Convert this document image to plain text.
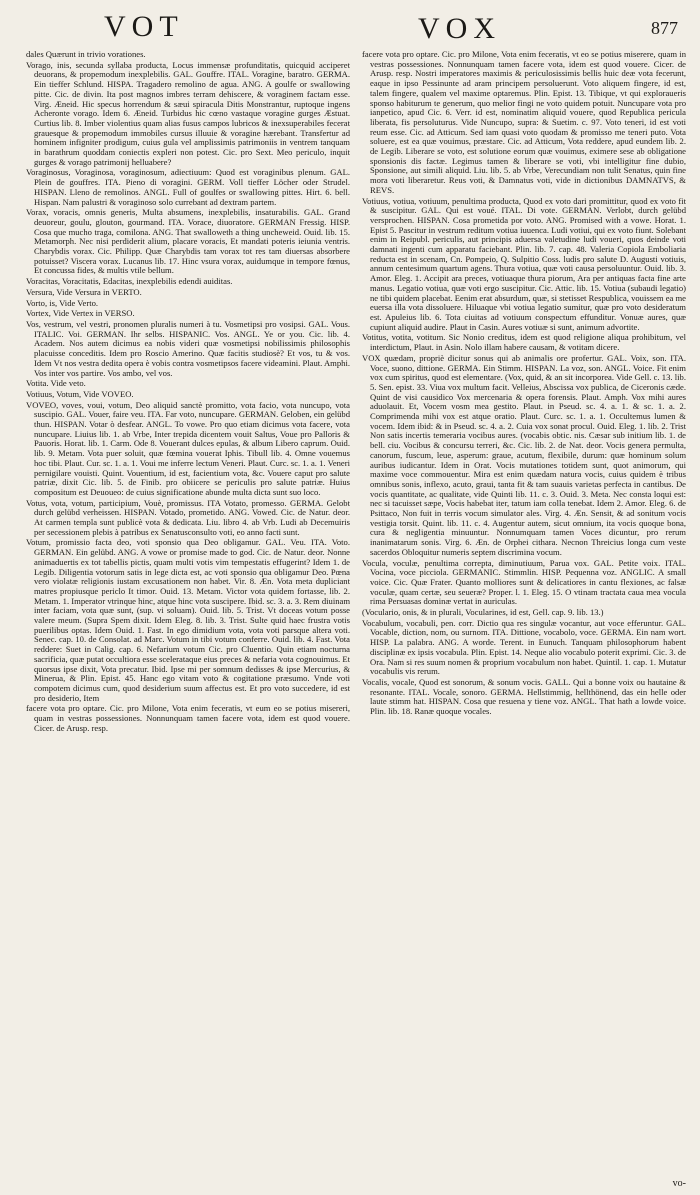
VOT	VOX	877

dales Quærunt in trivio vorationes.

Vorago, inis, secunda syllaba producta, Locus immensæ profunditatis, quicquid acciperet deuorans, & propemodum inexplebilis. GAL. Gouffre. ITAL. Voragine, baratro. GERMA. Ein tieffer Schlund. HISPA. Tragadero remolino de agua. ANG. A goulfe or swallowing pitte. Cic. de divin. Ita post magnos imbres terram dehiscere, & voraginem factam esse. Virg. Æneid. Hic specus horrendum & sæui spiracula Ditis Monstrantur, ruptoque ingens Acheronte vorago. Idem 6. Æneid. Turbidus hic cœno vastaque voragine gurges Æstuat. Curtius lib. 8. Imber violentius quam alias fusus campos lubricos & inexsuperabiles fecerat grauesque & propemodum immobiles cursus illuuie & voragine hærebant. Transfertur ad hominem infigniter prodigum, cuius gula vel amplissimis patrimoniis in ventrem tanquam in barathrum quoddam coniectis expleri non potest. Cic. pro Sext. Meo periculo, inquit gurges & vorago patrimonij helluabere?

Voraginosus, Voraginosa, voraginosum, adiectiuum: Quod est voraginibus plenum. GAL. Plein de gouffres. ITA. Pieno di voragini. GERM. Voll tieffer Löcher oder Strudel. HISPAN. Lleno de remolinos. ANGL. Full of goulfes or swallowing pittes. Hirt. 6. bell. Hispan. Nam palustri & voraginoso solo currebant ad dextram partem.

Vorax, voracis, omnis generis, Multa absumens, inexplebilis, insaturabilis. GAL. Grand deuoreur, goulu, glouton, gourmand. ITA. Vorace, diuoratore. GERMAN Fressig. HISP. Cosa que mucho traga, comilona. ANG. That swalloweth a thing uncheweid. Ouid. lib. 15. Metamorph. Nec nisi perdiderit alium, placare voracis, Et mandati poteris ieiunia ventris. Charybdis vorax. Cic. Philipp. Quæ Charybdis tam vorax tot res tam diuersas absorbere potuisset? Viscera vorax. Lucanus lib. 17. Hinc vsura vorax, auidumque in tempore fœnus, Et concussa fides, & multis vtile bellum.

Voracitas, Voracitatis, Edacitas, inexplebilis edendi auiditas.

Versura, Vide Versura in VERTO.

Vorto, is, Vide Verto.

Vortex, Vide Vertex in VERSO.

Vos, vestrum, vel vestri, pronomen pluralis numeri à tu. Vosmetipsi pro vosipsi. GAL. Vous. ITALIC. Voi. GERMAN. Ihr selbs. HISPANIC. Vos. ANGL. Ye or you. Cic. lib. 4. Academ. Nos autem dicimus ea nobis videri quæ vosmetipsi nobilissimis philosophis placuisse conceditis. Idem pro Roscio Amerino. Quæ facitis studiosè? Et vos, tu & vos. Idem Vt nos vestra dedita opera è vobis contra vosmetipsos facere videamini. Plaut. Amphi. Vos inter vos partire. Vos ambo, vel vos.

Votita. Vide veto.

Votiuus, Votum, Vide VOVEO.

VOVEO, voves, voui, votum, Deo aliquid sanctè promitto, vota facio, vota nuncupo, vota suscipio. GAL. Vouer, faire veu. ITA. Far voto, nuncupare. GERMAN. Geloben, ein gelübd thun. HISPAN. Votar ò desfear. ANGL. To vowe. Pro quo etiam dicimus vota facere, vota nuncupare. Liuius lib. 1. ab Vrbe, Inter trepida dicentem vouit Saltus, Voue pro Palloris & Pauoris. Horat. lib. 1. Carm. Ode 8. Vouerant dulces epulas, & album Libero caprum. Ouid. lib. 9. Metam. Vota puer soluit, quæ fœmina vouerat Iphis. Tibull lib. 4. Omne vouemus hoc tibi. Plaut. Cur. sc. 1. a. 1. Voui me inferre lectum Veneri. Plaut. Curc. sc. 1. a. 1. Veneri pernigilare vouisti. Quint. Vouentium, id est, facientium vota, &c. Vouere caput pro salute patriæ, dixit Cic. lib. 5. de Finib. pro obiicere se periculis pro salute patriæ. Huius compositum est Deuoueo: de cuius significatione abunde multa dicta sunt suo loco.

Votus, vota, votum, participium, Vouè, promissus. ITA Votato, promesso. GERMA. Gelobt durch gelübd verheissen. HISPAN. Votado, prometido. ANG. Vowed. Cic. de Natur. deor. At carmen templa sunt publicè vota & dedicata. Liu. libro 4. ab Vrb. Ludi ab Decemuiris per secessionem plebis à patribus ex Senatusconsulto voti, eo anno facti sunt.

Votum, promissio facta deo, voti sponsio qua Deo obligamur. GAL. Veu. ITA. Voto. GERMAN. Ein gelübd. ANG. A vowe or promise made to god. Cic. de Natur. deor. Nonne animaduertis ex tot tabellis pictis, quam multi votis vim tempestatis effugerint? Idem 1. de Legib. Diligentia votorum satis in lege dicta est, ac voti sponsio qua obligamur Deo. Pœna vero violatæ religionis iustam excusationem non habet. Vir. 8. Æn. Vota meta dupliciant matres propiusque periclo It timor. Ouid. 13. Metam. Victor vota quidem fortasse, lib. 2. Metam. 1. Imperator vtrinque hinc, atque hinc vota suscipere. Ibid. sc. 3. a. 3. Rem diuinam inter faciam, vota quæ sunt, (sup. vi soluam). Ouid. lib. 5. Trist. Vt doceas votum posse valere meum. (Supra Spem dixit. Idem Eleg. 8. lib. 3. Trist. Sulte quid haec frustra votis puerilibus optas. Idem Ouid. 1. Fast. In ego dimidium vota, vota voti parsque altera voti. Senec. cap. 10. de Consolat. ad Marc. Votum in tibi votum conferre. Ouid. lib. 4. Fast. Vota reddere: Suet in Calig. cap. 6. Nefarium votum Cic. pro Cluentio. Quin etiam nocturna sacrificia, quæ putat occultiora esse scelerataque eius preces & nefaria vota cognouimus. Et quorsus ipse dixit, Vota precatur. Ibid. Ipse mi per somnum dedisses & ipse Mercurius, & Minerua, & Plin. Epist. 45. Hanc ego vitam voto & cogitatione præsumo. Vnde voti compotem dicimus cum, quod desiderium suum affectus est. Et pro voto succedere, id est pro desiderio, Item

facere vota pro optare. Cic. pro Milone, Vota enim feceratis, vt eum eo se potius misereri, quam in vestras possessiones. Nonnunquam tamen facere vota, idem est quod vouere. Cicer. de Arusp. resp.

facere vota pro optare. Cic. pro Milone, Vota enim feceratis, vt eo se potius miserere, quam in vestras possessiones. Nonnunquam tamen facere vota, idem est quod vouere. Cicer. de Arusp. resp. Nostri imperatores maximis & periculosissimis bellis huic deæ vota fecerunt, eaque in ipso Pessinunte ad aram principem persoluerunt. Voto aliquem fingere, id est, talem fingere, qualem vel maxime optaremus. Plin. Epist. 13. Tibique, vt qui exploraueris sponso habiturum te generum, quo melior fingi ne voto quidem potuit. Nuncupare vota pro ianpetico, apud Cic. 6. Verr. id est, nominatim aliquid vouere, quod Republica pericula liberata, fis persoluturus. Vide Nuncupo, supra: & Suetim. c. 97. Voto teneri, id est voti reum esse. Cic. ad Atticum. Sed iam quasi voto quodam & promisso me teneri puto. Vota soluere, est ea quæ vouimus, præstare. Cic. ad Atticum, Vota reddere, apud eundem lib. 2. de Legib. Liberare se voto, est solutione eorum quæ vouimus, eximere sese ab obligatione sponsionis dis factæ. Legimus tamen & liberare se voti, vbi intelligitur fine dubio, Sponsione, aut simili aliquid. Liu. lib. 5. ab Vrbe, Verecundiam non tulit Senatus, quin fine mora voti liberaretur. Reus voti, & Damnatus voti, vide in dictionibus DAMNATVS, & REVS.

Votiuus, votiua, votiuum, penultima producta, Quod ex voto dari promittitur, quod ex voto fit & suscipitur. GAL. Qui est voué. ITAL. Di vote. GERMAN. Verlobt, durch gelübd versprochen. HISPAN. Cosa prometida por voto. ANG. Promised with a vowe. Horat. 1. Epist 5. Pascitur in vestrum reditum votiua iuuenca. Ludi votiui, qui ex voto fiunt. Solebant enim in Reipubl. periculis, aut principis aduersa valetudine ludi voueri, quos deinde voti damnati ingenti cum apparatu faciebant. Plin. lib. 7. cap. 48. Valeria Copiola Emboliaria reducta est in scenam, Cn. Pompeio, Q. Sulpitio Coss. ludis pro salute D. Augusti votiuis, annum centesimum quartum agens. Thura votiua, quæ voti causa persoluuntur. Ouid. lib. 3. Amor. Eleg. 1. Accipit ara preces, votiuaque thura piorum, Ara per antiquas facta fine arte manus. Legatio votiua, quæ voti ergo suscipitur. Cic. Attic. lib. 15. Votiua (subaudi legatio) ne tibi quidem placebat. Eenim erat absurdum, quæ, si stetisset Respublica, vouissem ea me euersa illa vota dissoluere. Hiluaque vbi votiua legatio sumitur, quæ pro voto desideratum est. Apuleius lib. 6. Tota ciuitas ad votiuum conspectum effunditur. Vonuæ aures, quæ cupiunt aliquid audire. Plaut in Casin. Aures votiuæ si sunt, animum advortite.

Votitus, votita, votitum. Sic Nonio creditus, idem est quod religione aliqua prohibitum, vel interdictum, Plaut. in Asin. Nolo illam habere causam, & votitam dicere.

VOX quædam, propriè dicitur sonus qui ab animalis ore profertur. GAL. Voix, son. ITA. Voce, suono, dittione. GERMA. Ein Stimm. HISPAN. La voz, son. ANGL. Voice. Fit enim vox cum spiritus, quod est elementare. (Vox, quid, & an sit incorporea. Vide Gell. c. 13. lib. 5. Sen. epist. 33. Viua vox multum facit. Velleius, Abscissa vox publica, de Ciceronis cæde. Quint de visi causidico Vox mercenaria & opera forensis. Plaut. Amph. Vox mihi aures aduolauit. Et, Vocem vosm mea gestito. Plaut. in Pseud. sc. 4. a. 1. & sc. 1. a. 2. Comprimenda mihi vox est atque oratio. Plaut. Curc. sc. 1. a. 1. Occultemus lumen & vocem. Idem ibid: & in Pseud. sc. 4. a. 2. Cuia vox sonat procul. Ouid. Eleg. 1. lib. 2. Trist Non satis incertis temeraria vocibus aures. (vocabis obtic. nis. Cæsar sub initium lib. 1. de bell. ciu. Vocibus & concursu terreri, &c. Cic. lib. 2. de Nat. deor. Vocis genera permulta, canorum, fuscum, leue, asperum: graue, acutum, flexibile, durum: quæ hominum solum auribus iudicantur. Idem in Orat. Vocis mutationes totidem sunt, quot animorum, qui maxime voce commouentur. Mira est enim quædam natura vocis, cuius quidem è tribus omnibus sonis, inflexo, acuto, graui, tanta fit & tam suauis varietas perfecta in cantibus. De vocis quantitate, ac qualitate, vide Quinti lib. 11. c. 3. Ouid. 3. Meta. Nec consta loqui est: nec si tacuisset sæpe, Vocis habebat iter, tatum iam colla tenebat. Idem 2. Amor. Eleg. 6. de Psittaco, Non fuit in terris vocum simulator ales. Virg. 4. Æn. Sensit, & ad sonitum vocis vestigia torsit. Quint. lib. 11. c. 4. Augentur autem, sicut omnium, ita vocis quoque bona, cura & negligentia minuuntur. Nonnumquam tamen Voces dicuntur, pro rerum inanimatarum sonis. Virg. 6. Æn. de Orphei cithara. Necnon Threicius longa cum veste sacerdos Obloquitur numeris septem discrimina vocum.

Vocula, voculæ, penultima correpta, diminutiuum, Parua vox. GAL. Petite voix. ITAL. Vocina, voce picciola. GERMANIC. Stimmlin. HISP. Pequenna voz. ANGLIC. A small voice. Cic. Quæ Frater. Quanto molliores sunt & delicatiores in cantu flexiones, ac falsæ voculæ, quam certæ, seu seueræ? Proper. l. 1. Eleg. 15. O vtinam tractata caua mea vocula rima Persuasas dominæ vertat in auriculas.

(Voculario, onis, & in plurali, Vocularines, id est, Gell. cap. 9. lib. 13.)

Vocabulum, vocabuli, pen. corr. Dictio qua res singulæ vocantur, aut voce efferuntur. GAL. Vocable, diction, nom, ou surnom. ITA. Dittione, vocabolo, voce. GERMA. Ein nam wort. HISP. La palabra. ANG. A worde. Terent. in Eunuch. Tanquam philosophorum habent disciplinæ ex ipsis vocabula. Plin. Epist. 14. Neque alio vocabulo poterit exprimi. Cic. 3. de Ora. Nam si res suum nomen & proprium vocabulum non habet. Quintil. 1. cap. 1. Mutatur vocabulis vis rerum.

Vocalis, vocale, Quod est sonorum, & sonum vocis. GALL. Qui a bonne voix ou hautaine & resonante. ITAL. Vocale, sonoro. GERMA. Hellstimmig, hellthönend, das ein helle oder laute stimm hat. HISPAN. Cosa que resuena y tiene voz. ANGL. That hath a lowde voice. Plin. lib. 18. Ranæ quoque vocales.

vo-
